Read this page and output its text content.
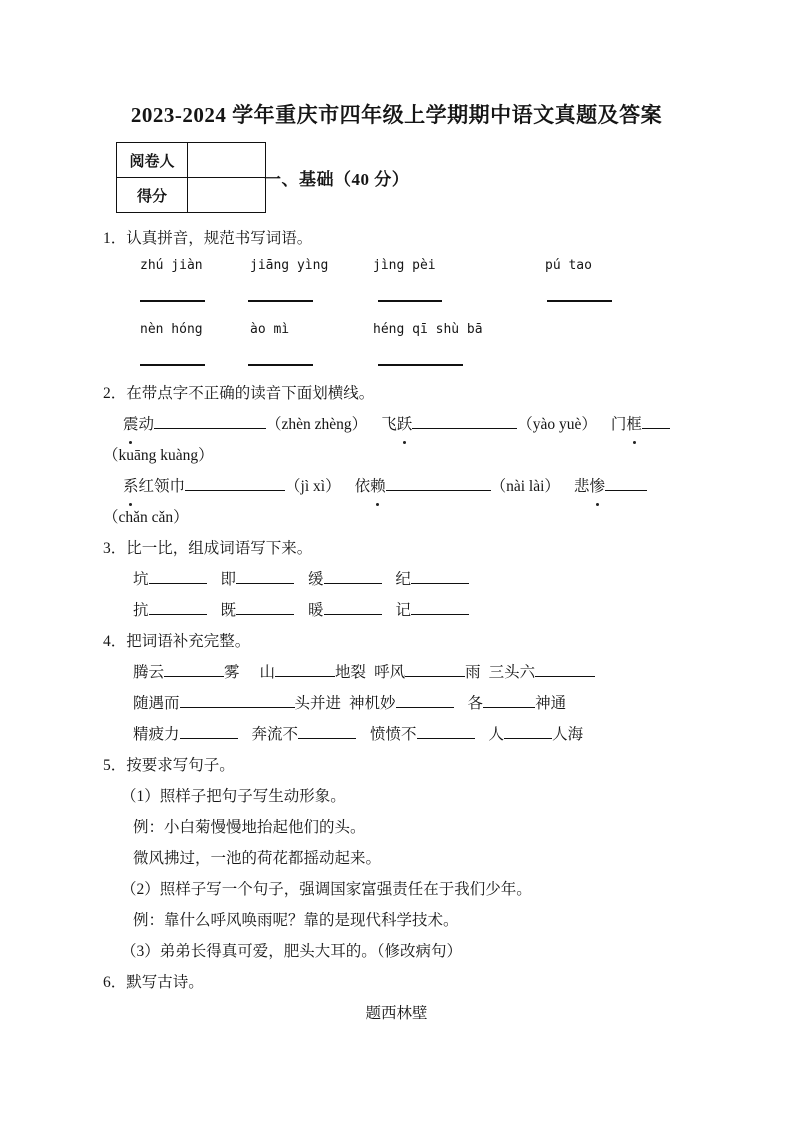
2023-2024 学年重庆市四年级上学期期中语文真题及答案
阅卷人	
得分	
一、基础（40 分）
1．认真拼音，规范书写词语。
zhú jiàn	jiāng yìng	jìng pèi	pú tao
nèn hóng	ào mì	héng qī shù bā
2．在带点字不正确的读音下面划横线。
震动	（zhèn zhèng） 飞跃	（yào yuè） 门框
（kuāng kuàng）
系红领巾	（jì xì） 依赖	（nài lài） 悲惨
（chǎn cǎn）
3．比一比，组成词语写下来。
坑	即	缓	纪
抗	既	暖	记
4．把词语补充完整。
腾云	雾 山	地裂 呼风	雨 三头六
随遇而	头并进 神机妙	各	神通
精疲力	奔流不	愤愤不	人	人海
5．按要求写句子。
（1）照样子把句子写生动形象。
例：小白菊慢慢地抬起他们的头。
微风拂过，一池的荷花都摇动起来。
（2）照样子写一个句子，强调国家富强责任在于我们少年。
例：靠什么呼风唤雨呢？靠的是现代科学技术。
（3）弟弟长得真可爱，肥头大耳的。（修改病句）
6．默写古诗。
题西林壁
